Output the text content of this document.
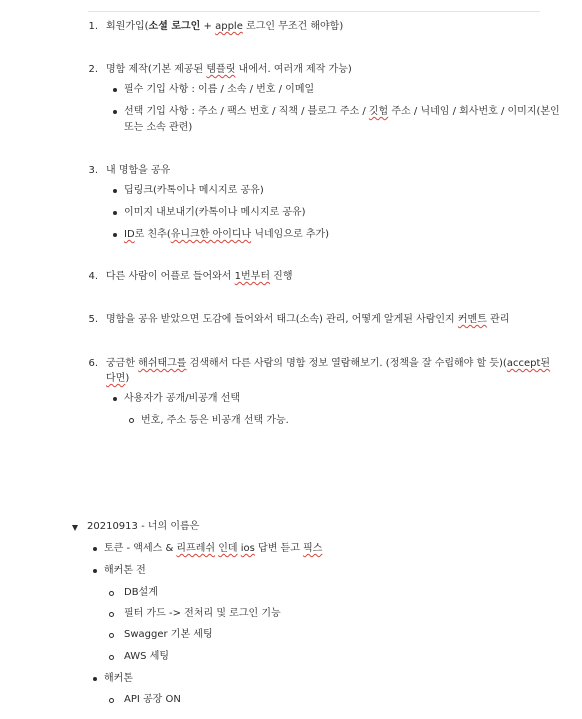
1. 회원가입(소셜 로그인 + apple 로그인 무조건 해야함)
2. 명함 제작(기본 제공된 템플릿 내에서. 여러개 제작 가능)
필수 기입 사항 : 이름 / 소속 / 번호 / 이메일
선택 기입 사항 : 주소 / 팩스 번호 / 직책 / 블로그 주소 / 깃헙 주소 / 닉네임 / 회사번호 / 이미지(본인
또는 소속 관련)
3. 내 명함을 공유
딥링크(카톡이나 메시지로 공유)
이미지 내보내기(카톡이나 메시지로 공유)
ID로 친추(유니크한 아이디나 닉네임으로 추가)
4. 다른 사람이 어플로 들어와서 1번부터 진행
5. 명함을 공유 받았으면 도감에 들어와서 태그(소속) 관리, 어떻게 알게된 사람인지 커멘트 관리
6. 궁금한 해쉬태그를 검색해서 다른 사람의 명함 정보 열람해보기. (정책을 잘 수립해야 할 듯)(accept된
다면)
사용자가 공개/비공개 선택
번호, 주소 등은 비공개 선택 가능.
20210913 - 너의 이름은
토큰 - 액세스 & 리프레쉬 인데 ios 답변 듣고 픽스
해커톤 전
DB설계
필터 가드 -> 전처리 및 로그인 기능
Swagger 기본 세팅
AWS 세팅
해커톤
API 공장 ON
